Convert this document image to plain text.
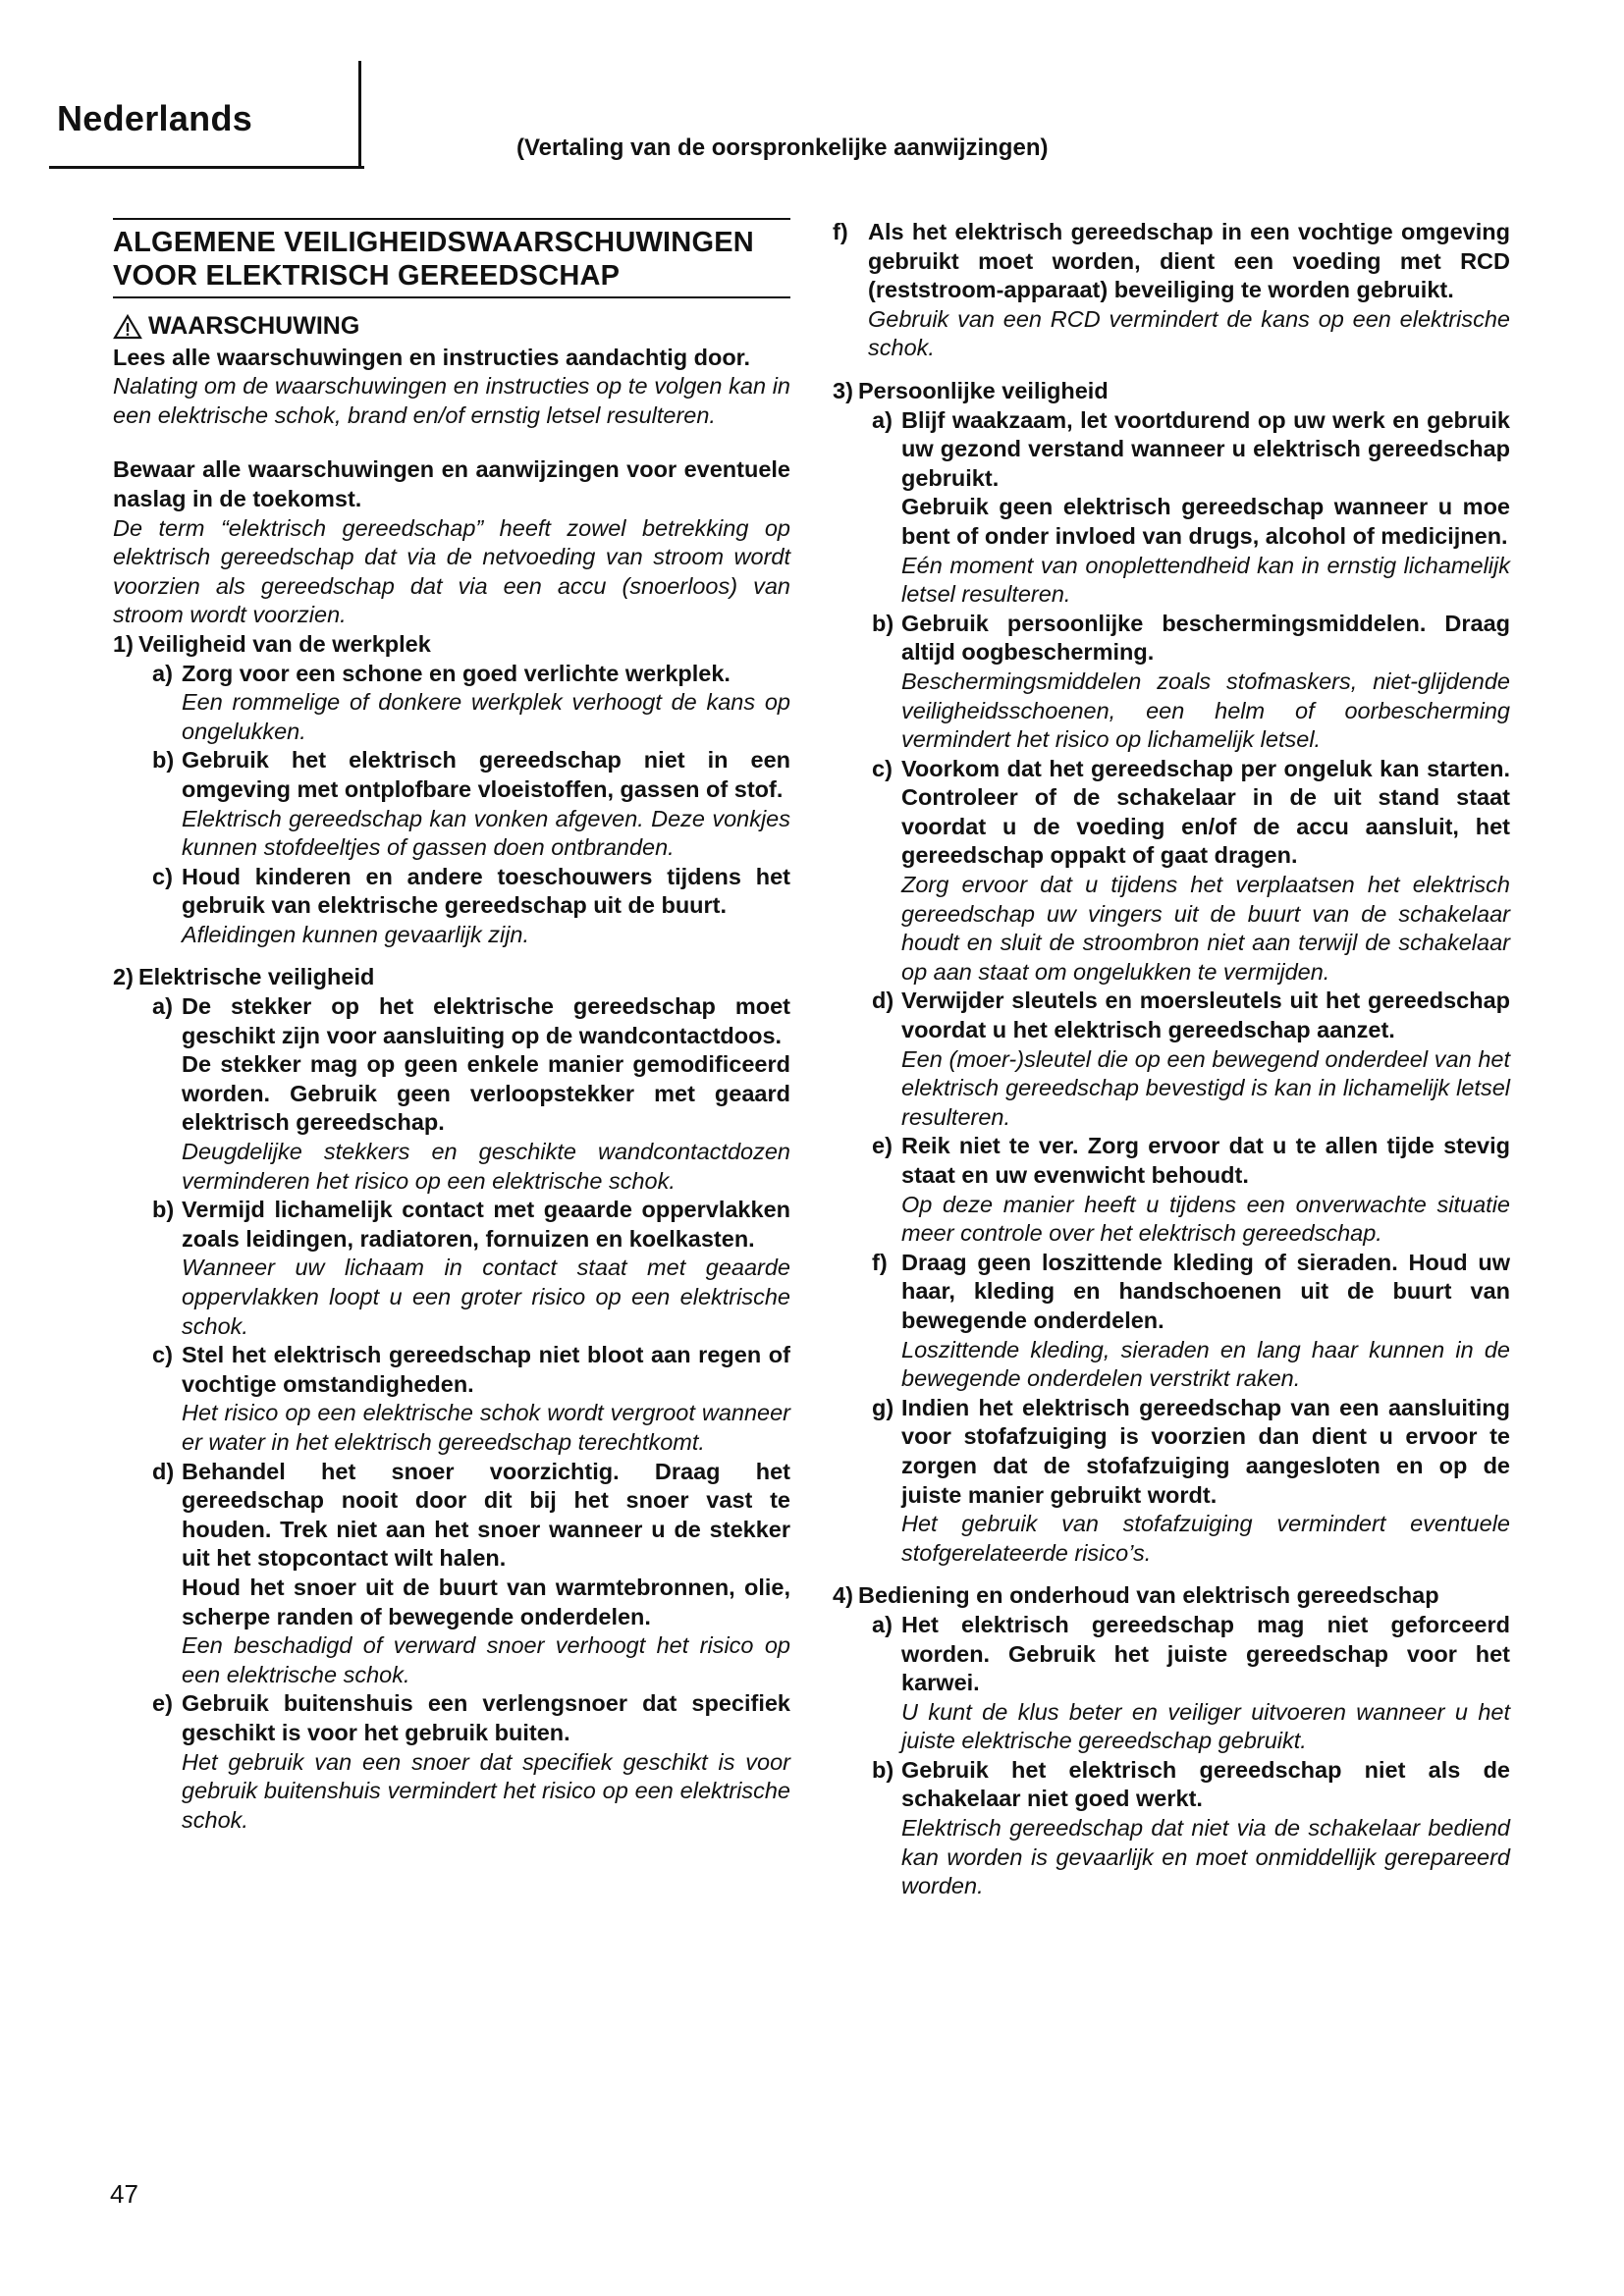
Nederlands
(Vertaling van de oorspronkelijke aanwijzingen)
ALGEMENE VEILIGHEIDSWAARSCHUWINGEN VOOR ELEKTRISCH GEREEDSCHAP
WAARSCHUWING

Lees alle waarschuwingen en instructies aandachtig door.

Nalating om de waarschuwingen en instructies op te volgen kan in een elektrische schok, brand en/of ernstig letsel resulteren.

Bewaar alle waarschuwingen en aanwijzingen voor eventuele naslag in de toekomst.

De term “elektrisch gereedschap” heeft zowel betrekking op elektrisch gereedschap dat via de netvoeding van stroom wordt voorzien als gereedschap dat via een accu (snoerloos) van stroom wordt voorzien.

1) Veiligheid van de werkplek
a) Zorg voor een schone en goed verlichte werkplek.

Een rommelige of donkere werkplek verhoogt de kans op ongelukken.

b) Gebruik het elektrisch gereedschap niet in een omgeving met ontplofbare vloeistoffen, gassen of stof.

Elektrisch gereedschap kan vonken afgeven. Deze vonkjes kunnen stofdeeltjes of gassen doen ontbranden.

c) Houd kinderen en andere toeschouwers tijdens het gebruik van elektrische gereedschap uit de buurt.

Afleidingen kunnen gevaarlijk zijn.

2) Elektrische veiligheid
a) De stekker op het elektrische gereedschap moet geschikt zijn voor aansluiting op de wandcontactdoos.

De stekker mag op geen enkele manier gemodificeerd worden. Gebruik geen verloopstekker met geaard elektrisch gereedschap.

Deugdelijke stekkers en geschikte wandcontactdozen verminderen het risico op een elektrische schok.

b) Vermijd lichamelijk contact met geaarde oppervlakken zoals leidingen, radiatoren, fornuizen en koelkasten.

Wanneer uw lichaam in contact staat met geaarde oppervlakken loopt u een groter risico op een elektrische schok.

c) Stel het elektrisch gereedschap niet bloot aan regen of vochtige omstandigheden.

Het risico op een elektrische schok wordt vergroot wanneer er water in het elektrisch gereedschap terechtkomt.

d) Behandel het snoer voorzichtig. Draag het gereedschap nooit door dit bij het snoer vast te houden. Trek niet aan het snoer wanneer u de stekker uit het stopcontact wilt halen.

Houd het snoer uit de buurt van warmtebronnen, olie, scherpe randen of bewegende onderdelen.

Een beschadigd of verward snoer verhoogt het risico op een elektrische schok.

e) Gebruik buitenshuis een verlengsnoer dat specifiek geschikt is voor het gebruik buiten.

Het gebruik van een snoer dat specifiek geschikt is voor gebruik buitenshuis vermindert het risico op een elektrische schok.

f) Als het elektrisch gereedschap in een vochtige omgeving gebruikt moet worden, dient een voeding met RCD (reststroom-apparaat) beveiliging te worden gebruikt.

Gebruik van een RCD vermindert de kans op een elektrische schok.

3) Persoonlijke veiligheid
a) Blijf waakzaam, let voortdurend op uw werk en gebruik uw gezond verstand wanneer u elektrisch gereedschap gebruikt.

Gebruik geen elektrisch gereedschap wanneer u moe bent of onder invloed van drugs, alcohol of medicijnen.

Eén moment van onoplettendheid kan in ernstig lichamelijk letsel resulteren.

b) Gebruik persoonlijke beschermingsmiddelen. Draag altijd oogbescherming.

Beschermingsmiddelen zoals stofmaskers, niet-glijdende veiligheidsschoenen, een helm of oorbescherming vermindert het risico op lichamelijk letsel.

c) Voorkom dat het gereedschap per ongeluk kan starten. Controleer of de schakelaar in de uit stand staat voordat u de voeding en/of de accu aansluit, het gereedschap oppakt of gaat dragen.

Zorg ervoor dat u tijdens het verplaatsen het elektrisch gereedschap uw vingers uit de buurt van de schakelaar houdt en sluit de stroombron niet aan terwijl de schakelaar op aan staat om ongelukken te vermijden.

d) Verwijder sleutels en moersleutels uit het gereedschap voordat u het elektrisch gereedschap aanzet.

Een (moer-)sleutel die op een bewegend onderdeel van het elektrisch gereedschap bevestigd is kan in lichamelijk letsel resulteren.

e) Reik niet te ver. Zorg ervoor dat u te allen tijde stevig staat en uw evenwicht behoudt.

Op deze manier heeft u tijdens een onverwachte situatie meer controle over het elektrisch gereedschap.

f) Draag geen loszittende kleding of sieraden. Houd uw haar, kleding en handschoenen uit de buurt van bewegende onderdelen.

Loszittende kleding, sieraden en lang haar kunnen in de bewegende onderdelen verstrikt raken.

g) Indien het elektrisch gereedschap van een aansluiting voor stofafzuiging is voorzien dan dient u ervoor te zorgen dat de stofafzuiging aangesloten en op de juiste manier gebruikt wordt.

Het gebruik van stofafzuiging vermindert eventuele stofgerelateerde risico’s.

4) Bediening en onderhoud van elektrisch gereedschap
a) Het elektrisch gereedschap mag niet geforceerd worden. Gebruik het juiste gereedschap voor het karwei.

U kunt de klus beter en veiliger uitvoeren wanneer u het juiste elektrische gereedschap gebruikt.

b) Gebruik het elektrisch gereedschap niet als de schakelaar niet goed werkt.

Elektrisch gereedschap dat niet via de schakelaar bediend kan worden is gevaarlijk en moet onmiddellijk gerepareerd worden.

47
